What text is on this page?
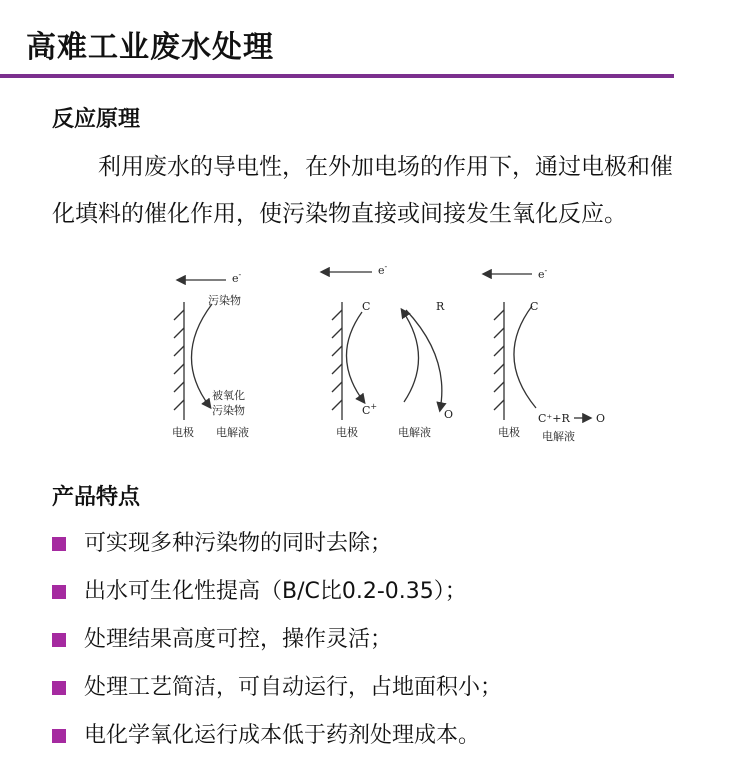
高难工业废水处理
反应原理

利用废水的导电性，在外加电场的作用下，通过电极和催化填料的催化作用，使污染物直接或间接发生氧化反应。

e-
污染物
被氧化
污染物
电极 电解液
e-
C	R
C+
O
电极	电解液
e-
C
C⁺+R O
电极 电解液
产品特点
可实现多种污染物的同时去除；
出水可生化性提高（B/C比0.2-0.35）；
处理结果高度可控，操作灵活；
处理工艺简洁，可自动运行，占地面积小；
电化学氧化运行成本低于药剂处理成本。
